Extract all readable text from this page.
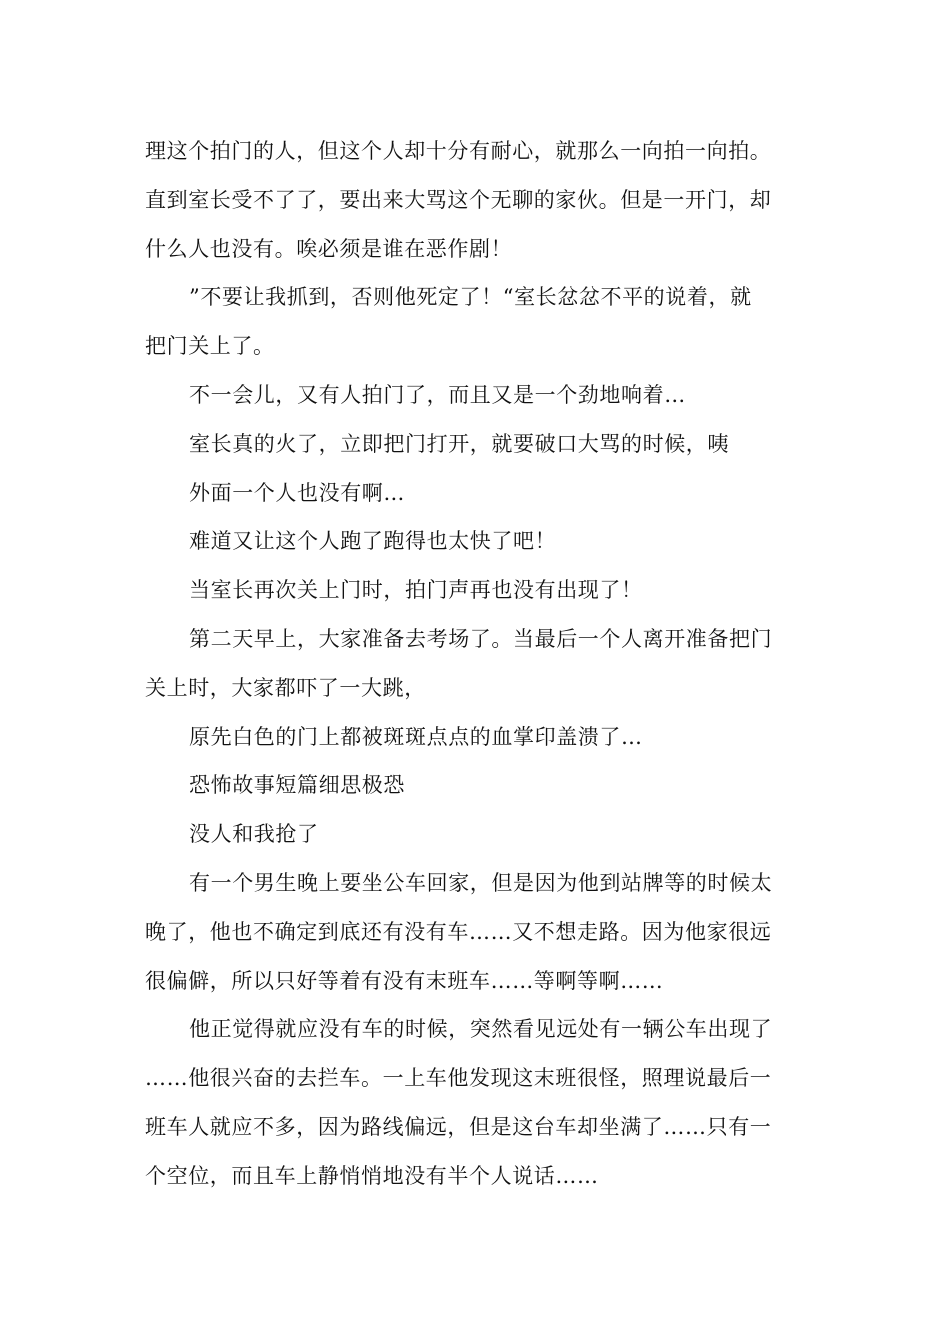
理这个拍门的人，但这个人却十分有耐心，就那么一向拍一向拍。
直到室长受不了了，要出来大骂这个无聊的家伙。但是一开门，却
什么人也没有。唉必须是谁在恶作剧！

”不要让我抓到，否则他死定了！“室长忿忿不平的说着，就
把门关上了。

不一会儿，又有人拍门了，而且又是一个劲地响着…

室长真的火了，立即把门打开，就要破口大骂的时候，咦

外面一个人也没有啊…

难道又让这个人跑了跑得也太快了吧！

当室长再次关上门时，拍门声再也没有出现了！

第二天早上，大家准备去考场了。当最后一个人离开准备把门
关上时，大家都吓了一大跳，

原先白色的门上都被斑斑点点的血掌印盖溃了…

恐怖故事短篇细思极恐

没人和我抢了

有一个男生晚上要坐公车回家，但是因为他到站牌等的时候太
晚了，他也不确定到底还有没有车……又不想走路。因为他家很远
很偏僻，所以只好等着有没有末班车……等啊等啊……

他正觉得就应没有车的时候，突然看见远处有一辆公车出现了
……他很兴奋的去拦车。一上车他发现这末班很怪，照理说最后一
班车人就应不多，因为路线偏远，但是这台车却坐满了……只有一
个空位，而且车上静悄悄地没有半个人说话……
